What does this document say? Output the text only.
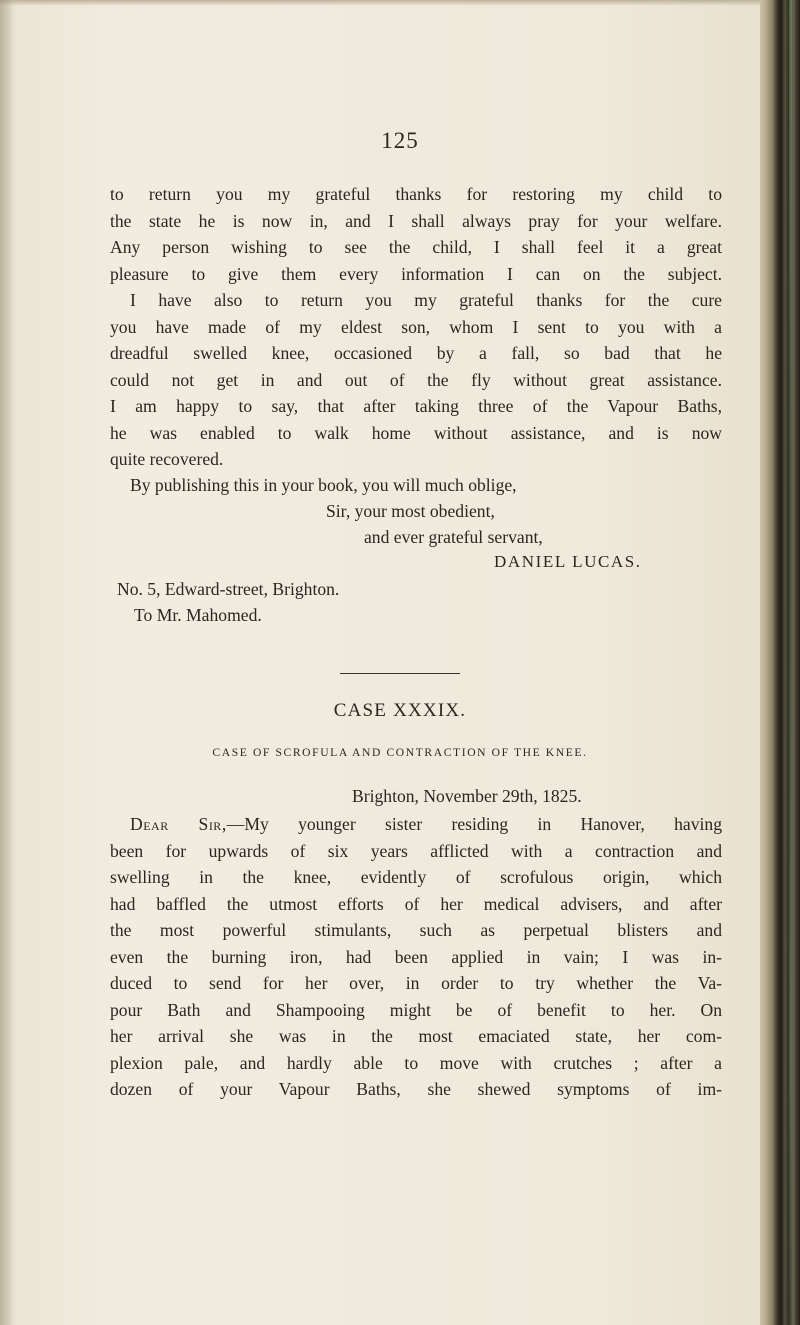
125
to return you my grateful thanks for restoring my child to
the state he is now in, and I shall always pray for your welfare.
Any person wishing to see the child, I shall feel it a great
pleasure to give them every information I can on the subject.
I have also to return you my grateful thanks for the cure
you have made of my eldest son, whom I sent to you with a
dreadful swelled knee, occasioned by a fall, so bad that he
could not get in and out of the fly without great assistance.
I am happy to say, that after taking three of the Vapour Baths,
he was enabled to walk home without assistance, and is now
quite recovered.
By publishing this in your book, you will much oblige,
Sir, your most obedient,
and ever grateful servant,
DANIEL LUCAS.
No. 5, Edward-street, Brighton.
To Mr. Mahomed.
CASE XXXIX.
CASE OF SCROFULA AND CONTRACTION OF THE KNEE.
Brighton, November 29th, 1825.
Dear Sir,—My younger sister residing in Hanover, having
been for upwards of six years afflicted with a contraction and
swelling in the knee, evidently of scrofulous origin, which
had baffled the utmost efforts of her medical advisers, and after
the most powerful stimulants, such as perpetual blisters and
even the burning iron, had been applied in vain; I was in-
duced to send for her over, in order to try whether the Va-
pour Bath and Shampooing might be of benefit to her. On
her arrival she was in the most emaciated state, her com-
plexion pale, and hardly able to move with crutches ; after a
dozen of your Vapour Baths, she shewed symptoms of im-
